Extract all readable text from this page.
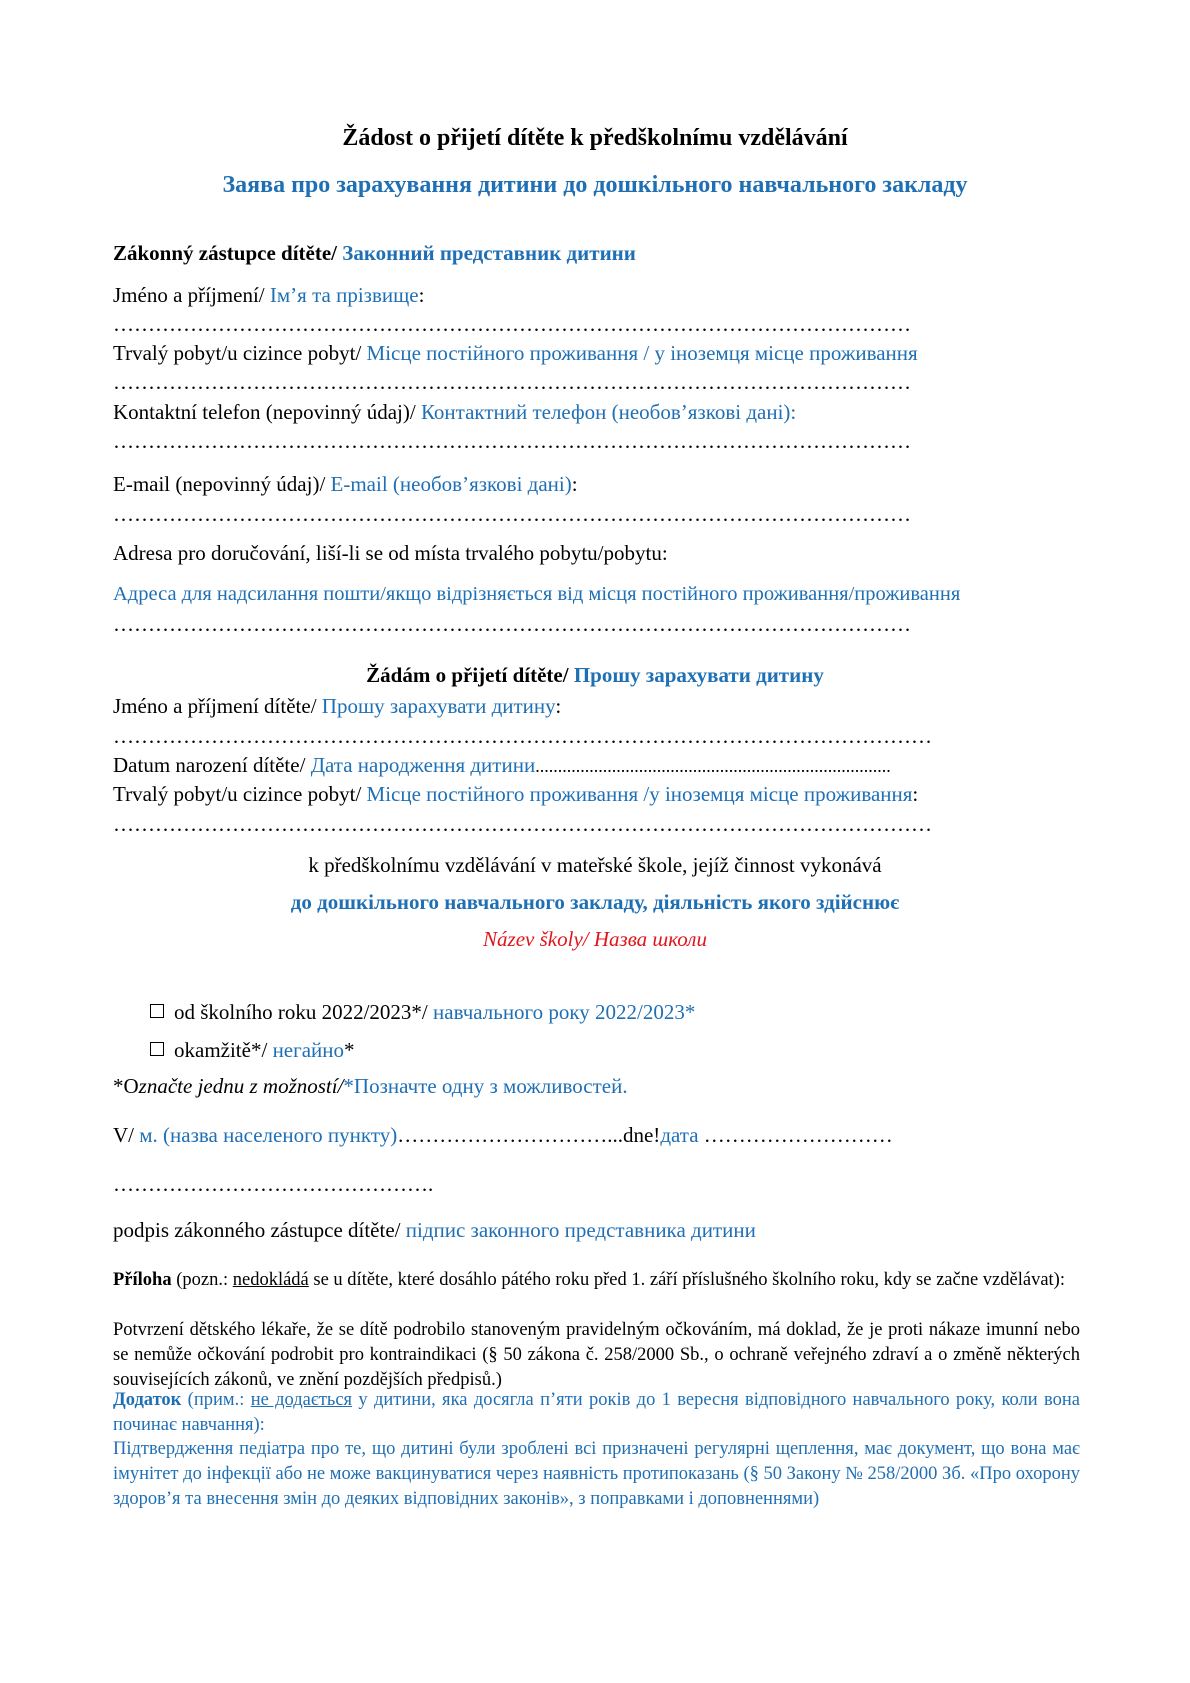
Žádost o přijetí dítěte k předškolnímu vzdělávání
Заява про зарахування дитини до дошкільного навчального закладу
Zákonný zástupce dítěte/ Законний представник дитини
Jméno a příjmení/ Ім’я та прізвище:
……………………………………………………………………………………………………
Trvalý pobyt/u cizince pobyt/ Місце постійного проживання / у іноземця місце проживання
……………………………………………………………………………………………………
Kontaktní telefon (nepovinný údaj)/ Контактний телефон (необов’язкові дані):
……………………………………………………………………………………………………
E-mail (nepovinný údaj)/ E-mail (необов’язкові дані):
……………………………………………………………………………………………………
Adresa pro doručování, liší-li se od místa trvalého pobytu/pobytu:
Адреса для надсилання пошти/якщо відрізняється від місця постійного проживання/проживання
……………………………………………………………………………………………………
Žádám o přijetí dítěte/ Прошу зарахувати дитину
Jméno a příjmení dítěte/ Прошу зарахувати дитину:
………………………………………………………………………………………………………
Datum narození dítěte/ Дата народження дитини...............................................................................
Trvalý pobyt/u cizince pobyt/ Місце постійного проживання /у іноземця місце проживання:
………………………………………………………………………………………………………
k předškolnímu vzdělávání v mateřské škole, jejíž činnost vykonává
до дошкільного навчального закладу, діяльність якого здійснює
Název školy/ Назва школи
od školního roku 2022/2023*/ навчального року 2022/2023*
okamžitě*/ негайно*
*Označte jednu z možností/*Позначте одну з можливостей.
V/ м. (назва населеного пункту)…………………………...dne!дата ………………………
……………………………………….
podpis zákonného zástupce dítěte/ підпис законного представника дитини
Příloha (pozn.: nedokládá se u dítěte, které dosáhlo pátého roku před 1. září příslušného školního roku, kdy se začne vzdělávat):
Potvrzení dětského lékaře, že se dítě podrobilo stanoveným pravidelným očkováním, má doklad, že je proti nákaze imunní nebo se nemůže očkování podrobit pro kontraindikaci (§ 50 zákona č. 258/2000 Sb., o ochraně veřejného zdraví a o změně některých souvisejících zákonů, ve znění pozdějších předpisů.)
Додаток (прим.: не додається у дитини, яка досягла п’яти років до 1 вересня відповідного навчального року, коли вона починає навчання):
Підтвердження педіатра про те, що дитині були зроблені всі призначені регулярні щеплення, має документ, що вона має імунітет до інфекції або не може вакцинуватися через наявність протипоказань (§ 50 Закону № 258/2000 Зб. «Про охорону здоров’я та внесення змін до деяких відповідних законів», з поправками і доповненнями)
